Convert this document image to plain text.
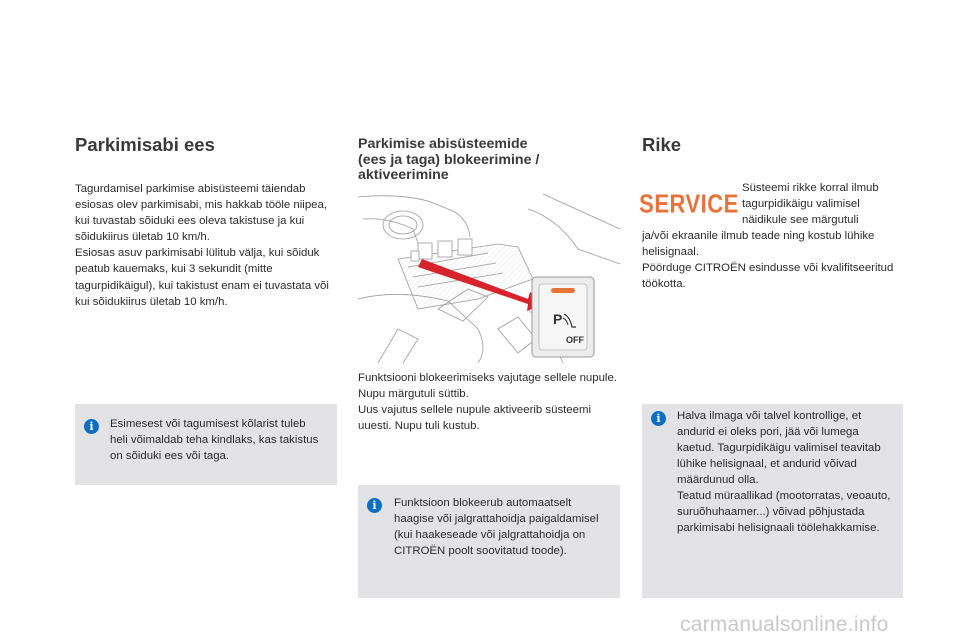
Parkimisabi ees

Tagurdamisel parkimise abisüsteemi täiendab esiosas olev parkimisabi, mis hakkab tööle niipea, kui tuvastab sõiduki ees oleva takistuse ja kui sõidukiirus ületab 10 km/h.

Esiosas asuv parkimisabi lülitub välja, kui sõiduk peatub kauemaks, kui 3 sekundit (mitte tagurpidikäigul), kui takistust enam ei tuvastata või kui sõidukiirus ületab 10 km/h.

i	Esimesest või tagumisest kõlarist tuleb heli võimaldab teha kindlaks, kas takistus on sõiduki ees või taga.
Parkimise abisüsteemide
(ees ja taga) blokeerimine /
aktiveerimine
P
OFF

Funktsiooni blokeerimiseks vajutage sellele nupule. Nupu märgutuli süttib.

Uus vajutus sellele nupule aktiveerib süsteemi uuesti. Nupu tuli kustub.

i	Funktsioon blokeerub automaatselt haagise või jalgrattahoidja paigaldamisel (kui haakeseade või jalgrattahoidja on CITROËN poolt soovitatud toode).
Rike
SERVICE
Süsteemi rikke korral ilmub tagurpidikäigu valimisel näidikule see märgutuli

ja/või ekraanile ilmub teade ning kostub lühike helisignaal.

Pöörduge CITROËN esindusse või kvalifitseeritud töökotta.

i	Halva ilmaga või talvel kontrollige, et andurid ei oleks pori, jää või lumega kaetud. Tagurpidikäigu valimisel teavitab lühike helisignaal, et andurid võivad määrdunud olla.
Teatud müraallikad (mootorratas, veoauto, suruõhuhaamer...) võivad põhjustada parkimisabi helisignaali töölehakkamise.
carmanualsonline.info
